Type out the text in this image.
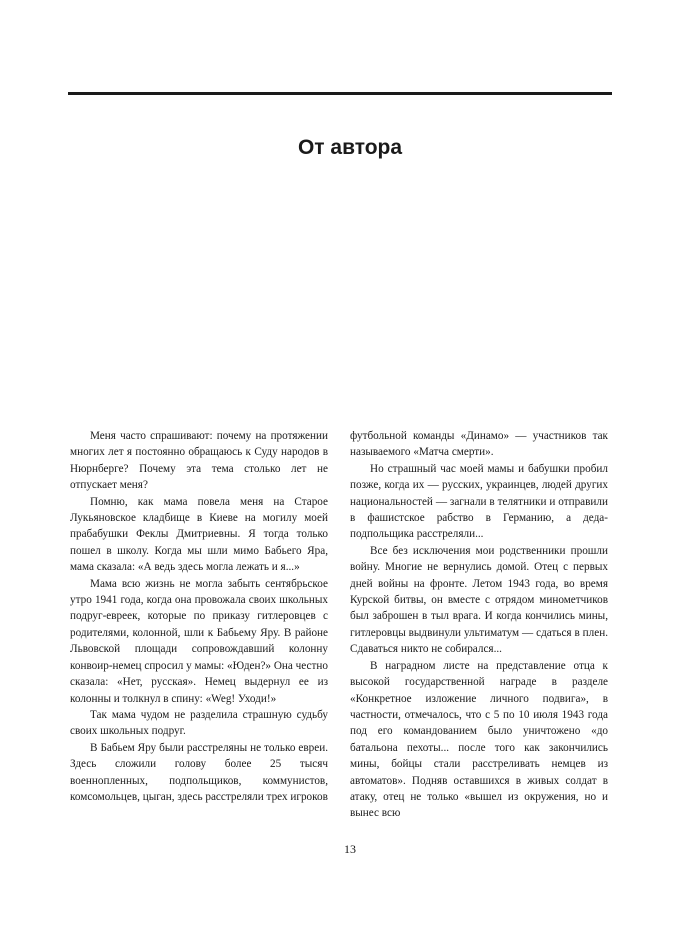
От автора

Меня часто спрашивают: почему на протяжении многих лет я постоянно обращаюсь к Суду народов в Нюрнберге? Почему эта тема столько лет не отпускает меня?

Помню, как мама повела меня на Старое Лукьяновское кладбище в Киеве на могилу моей прабабушки Феклы Дмитриевны. Я тогда только пошел в школу. Когда мы шли мимо Бабьего Яра, мама сказала: «А ведь здесь могла лежать и я...»

Мама всю жизнь не могла забыть сентябрьское утро 1941 года, когда она провожала своих школьных подруг-евреек, которые по приказу гитлеровцев с родителями, колонной, шли к Бабьему Яру. В районе Львовской площади сопровождавший колонну конвоир-немец спросил у мамы: «Юден?» Она честно сказала: «Нет, русская». Немец выдернул ее из колонны и толкнул в спину: «Weg! Уходи!»

Так мама чудом не разделила страшную судьбу своих школьных подруг.

В Бабьем Яру были расстреляны не только евреи. Здесь сложили голову более 25 тысяч военнопленных, подпольщиков, коммунистов, комсомольцев, цыган, здесь расстреляли трех игроков

футбольной команды «Динамо» — участников так называемого «Матча смерти».

Но страшный час моей мамы и бабушки пробил позже, когда их — русских, украинцев, людей других национальностей — загнали в телятники и отправили в фашистское рабство в Германию, а деда-подпольщика расстреляли...

Все без исключения мои родственники прошли войну. Многие не вернулись домой. Отец с первых дней войны на фронте. Летом 1943 года, во время Курской битвы, он вместе с отрядом минометчиков был заброшен в тыл врага. И когда кончились мины, гитлеровцы выдвинули ультиматум — сдаться в плен. Сдаваться никто не собирался...

В наградном листе на представление отца к высокой государственной награде в разделе «Конкретное изложение личного подвига», в частности, отмечалось, что с 5 по 10 июля 1943 года под его командованием было уничтожено «до батальона пехоты... после того как закончились мины, бойцы стали расстреливать немцев из автоматов». Подняв оставшихся в живых солдат в атаку, отец не только «вышел из окружения, но и вынес всю

13
